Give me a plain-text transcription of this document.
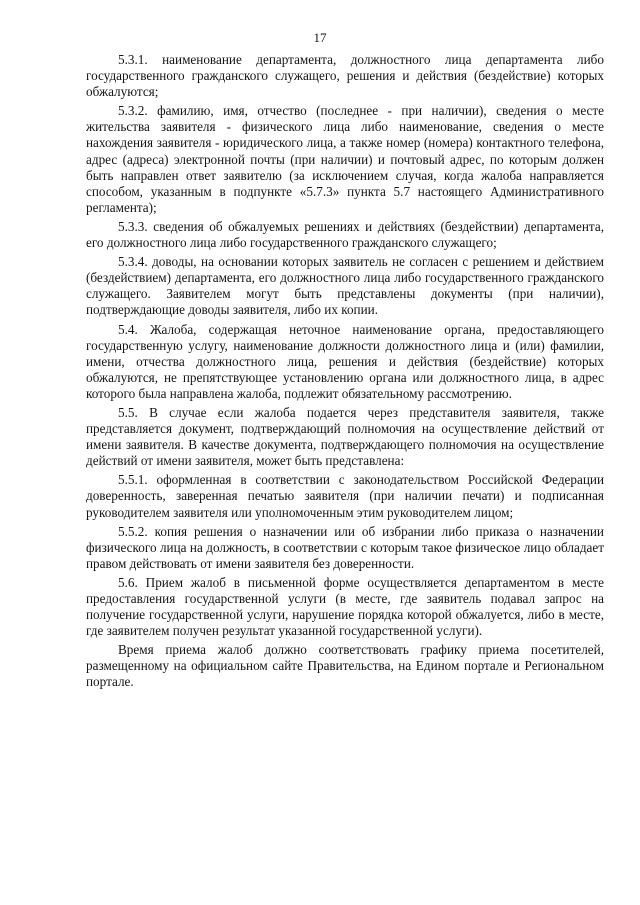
17

5.3.1. наименование департамента, должностного лица департамента либо государственного гражданского служащего, решения и действия (бездействие) которых обжалуются;

5.3.2. фамилию, имя, отчество (последнее - при наличии), сведения о месте жительства заявителя - физического лица либо наименование, сведения о месте нахождения заявителя - юридического лица, а также номер (номера) контактного телефона, адрес (адреса) электронной почты (при наличии) и почтовый адрес, по которым должен быть направлен ответ заявителю (за исключением случая, когда жалоба направляется способом, указанным в подпункте «5.7.3» пункта 5.7 настоящего Административного регламента);

5.3.3. сведения об обжалуемых решениях и действиях (бездействии) департамента, его должностного лица либо государственного гражданского служащего;

5.3.4. доводы, на основании которых заявитель не согласен с решением и действием (бездействием) департамента, его должностного лица либо государственного гражданского служащего. Заявителем могут быть представлены документы (при наличии), подтверждающие доводы заявителя, либо их копии.

5.4. Жалоба, содержащая неточное наименование органа, предоставляющего государственную услугу, наименование должности должностного лица и (или) фамилии, имени, отчества должностного лица, решения и действия (бездействие) которых обжалуются, не препятствующее установлению органа или должностного лица, в адрес которого была направлена жалоба, подлежит обязательному рассмотрению.

5.5. В случае если жалоба подается через представителя заявителя, также представляется документ, подтверждающий полномочия на осуществление действий от имени заявителя. В качестве документа, подтверждающего полномочия на осуществление действий от имени заявителя, может быть представлена:

5.5.1. оформленная в соответствии с законодательством Российской Федерации доверенность, заверенная печатью заявителя (при наличии печати) и подписанная руководителем заявителя или уполномоченным этим руководителем лицом;

5.5.2. копия решения о назначении или об избрании либо приказа о назначении физического лица на должность, в соответствии с которым такое физическое лицо обладает правом действовать от имени заявителя без доверенности.

5.6. Прием жалоб в письменной форме осуществляется департаментом в месте предоставления государственной услуги (в месте, где заявитель подавал запрос на получение государственной услуги, нарушение порядка которой обжалуется, либо в месте, где заявителем получен результат указанной государственной услуги).

Время приема жалоб должно соответствовать графику приема посетителей, размещенному на официальном сайте Правительства, на Едином портале и Региональном портале.
